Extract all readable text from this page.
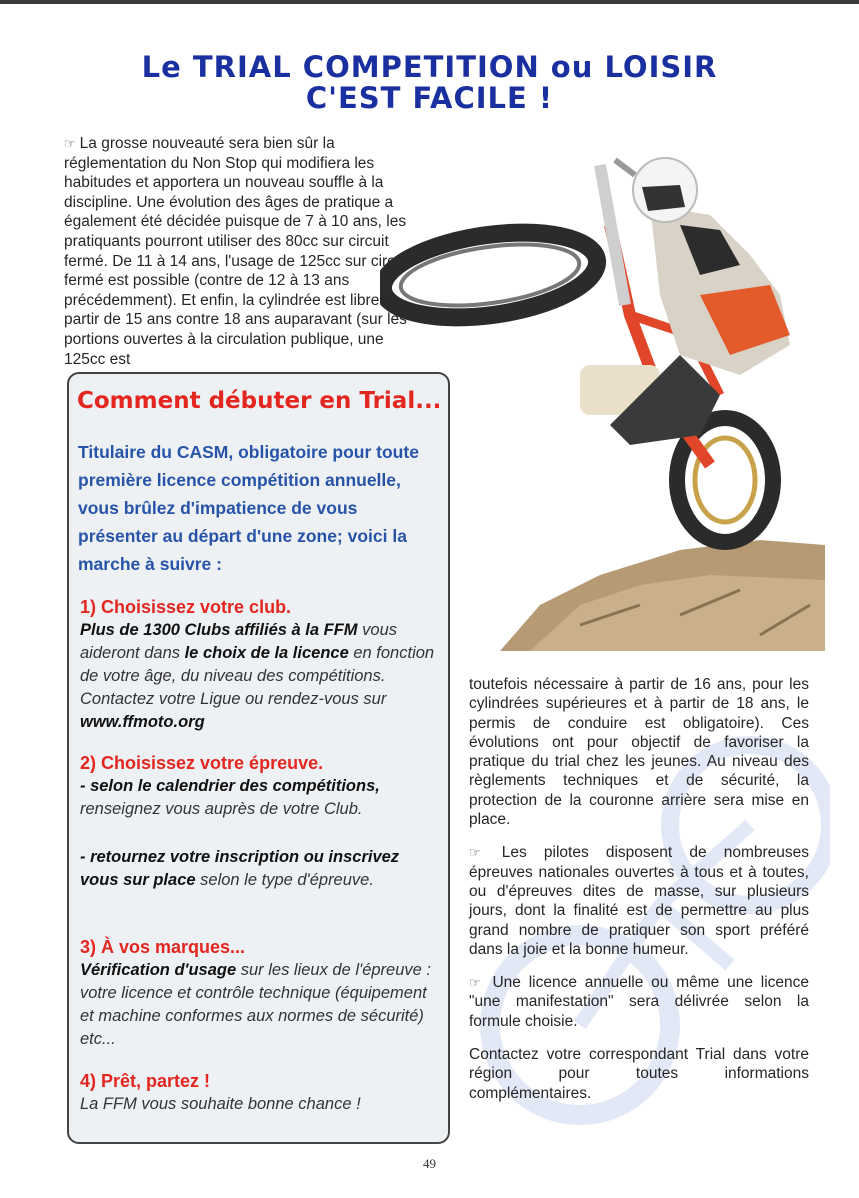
Le TRIAL COMPETITION ou LOISIR
C'EST FACILE !
☞ La grosse nouveauté sera bien sûr la réglementation du Non Stop qui modifiera les habitudes et apportera un nouveau souffle à la discipline. Une évolution des âges de pratique a également été décidée puisque de 7 à 10 ans, les pratiquants pourront utiliser des 80cc sur circuit fermé. De 11 à 14 ans, l'usage de 125cc sur circuit fermé est possible (contre de 12 à 13 ans précédemment). Et enfin, la cylindrée est libre à partir de 15 ans contre 18 ans auparavant (sur les portions ouvertes à la circulation publique, une 125cc est
Comment débuter en Trial...
Titulaire du CASM, obligatoire pour toute première licence compétition annuelle, vous brûlez d'impatience de vous présenter au départ d'une zone; voici la marche à suivre :
1) Choisissez votre club.
Plus de 1300 Clubs affiliés à la FFM vous aideront dans le choix de la licence en fonction de votre âge, du niveau des compétitions. Contactez votre Ligue ou rendez-vous sur www.ffmoto.org
2) Choisissez votre épreuve.
- selon le calendrier des compétitions, renseignez vous auprès de votre Club.
- retournez votre inscription ou inscrivez vous sur place selon le type d'épreuve.
3) À vos marques...
Vérification d'usage sur les lieux de l'épreuve : votre licence et contrôle technique (équipement et machine conformes aux normes de sécurité) etc...
4) Prêt, partez !
La FFM vous souhaite bonne chance !

toutefois nécessaire à partir de 16 ans, pour les cylindrées supérieures et à partir de 18 ans, le permis de conduire est obligatoire). Ces évolutions ont pour objectif de favoriser la pratique du trial chez les jeunes. Au niveau des règlements techniques et de sécurité, la protection de la couronne arrière sera mise en place.

☞ Les pilotes disposent de nombreuses épreuves nationales ouvertes à tous et à toutes, ou d'épreuves dites de masse, sur plusieurs jours, dont la finalité est de permettre au plus grand nombre de pratiquer son sport préféré dans la joie et la bonne humeur.

☞ Une licence annuelle ou même une licence "une manifestation" sera délivrée selon la formule choisie.

Contactez votre correspondant Trial dans votre région pour toutes informations complémentaires.

49
